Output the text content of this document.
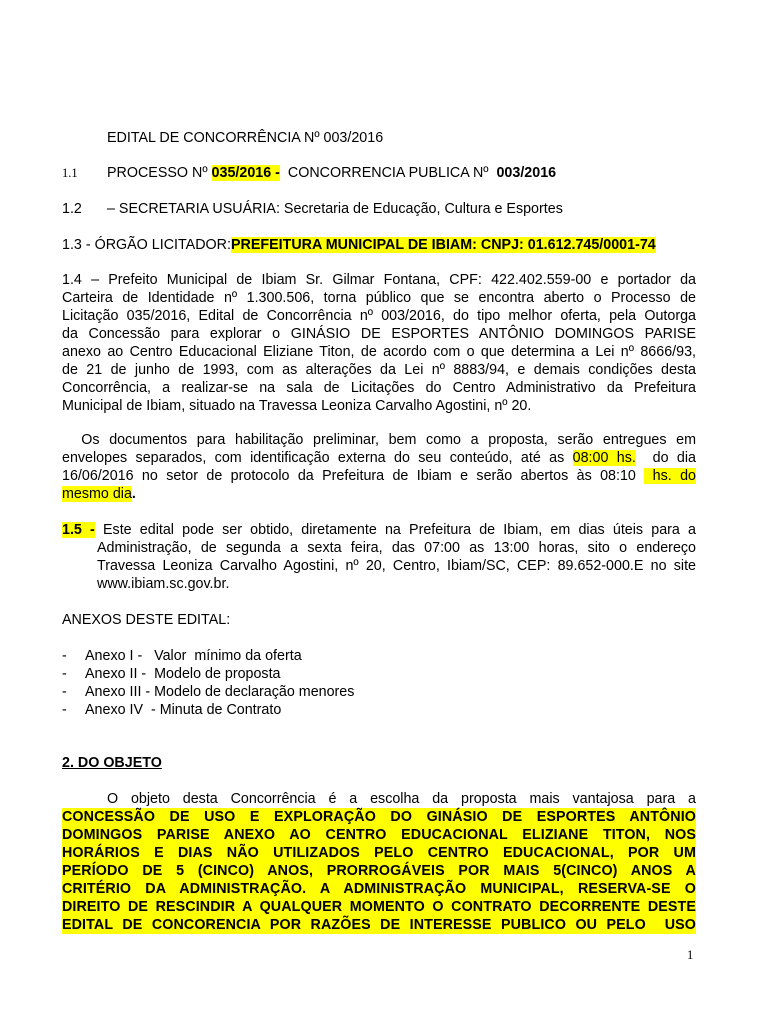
EDITAL DE CONCORRÊNCIA Nº 003/2016
1.1 PROCESSO Nº 035/2016 - CONCORRENCIA PUBLICA Nº 003/2016
1.2 – SECRETARIA USUÁRIA: Secretaria de Educação, Cultura e Esportes
1.3 - ÓRGÃO LICITADOR:PREFEITURA MUNICIPAL DE IBIAM: CNPJ: 01.612.745/0001-74
1.4 – Prefeito Municipal de Ibiam Sr. Gilmar Fontana, CPF: 422.402.559-00 e portador da
Carteira de Identidade nº 1.300.506, torna público que se encontra aberto o Processo de
Licitação 035/2016, Edital de Concorrência nº 003/2016, do tipo melhor oferta, pela Outorga
da Concessão para explorar o GINÁSIO DE ESPORTES ANTÔNIO DOMINGOS PARISE
anexo ao Centro Educacional Eliziane Titon, de acordo com o que determina a Lei nº 8666/93,
de 21 de junho de 1993, com as alterações da Lei nº 8883/94, e demais condições desta
Concorrência, a realizar-se na sala de Licitações do Centro Administrativo da Prefeitura
Municipal de Ibiam, situado na Travessa Leoniza Carvalho Agostini, nº 20.
Os documentos para habilitação preliminar, bem como a proposta, serão entregues em
envelopes separados, com identificação externa do seu conteúdo, até as 08:00 hs.  do dia
16/06/2016 no setor de protocolo da Prefeitura de Ibiam e serão abertos às 08:10  hs. do
mesmo dia.
1.5 - Este edital pode ser obtido, diretamente na Prefeitura de Ibiam, em dias úteis para a
Administração, de segunda a sexta feira, das 07:00 as 13:00 horas, sito o endereço
Travessa Leoniza Carvalho Agostini, nº 20, Centro, Ibiam/SC, CEP: 89.652-000.E no site
www.ibiam.sc.gov.br.
ANEXOS DESTE EDITAL:
- Anexo I -   Valor  mínimo da oferta
- Anexo II -  Modelo de proposta
- Anexo III - Modelo de declaração menores
- Anexo IV  - Minuta de Contrato
2. DO OBJETO
O objeto desta Concorrência é a escolha da proposta mais vantajosa para a
CONCESSÃO DE USO E EXPLORAÇÃO DO GINÁSIO DE ESPORTES ANTÔNIO
DOMINGOS PARISE ANEXO AO CENTRO EDUCACIONAL ELIZIANE TITON, NOS
HORÁRIOS E DIAS NÃO UTILIZADOS PELO CENTRO EDUCACIONAL, POR UM
PERÍODO DE 5 (CINCO) ANOS, PRORROGÁVEIS POR MAIS 5(CINCO) ANOS A
CRITÉRIO DA ADMINISTRAÇÃO. A ADMINISTRAÇÃO MUNICIPAL, RESERVA-SE O
DIREITO DE RESCINDIR A QUALQUER MOMENTO O CONTRATO DECORRENTE DESTE
EDITAL DE CONCORENCIA POR RAZÕES DE INTERESSE PUBLICO OU PELO  USO
1
